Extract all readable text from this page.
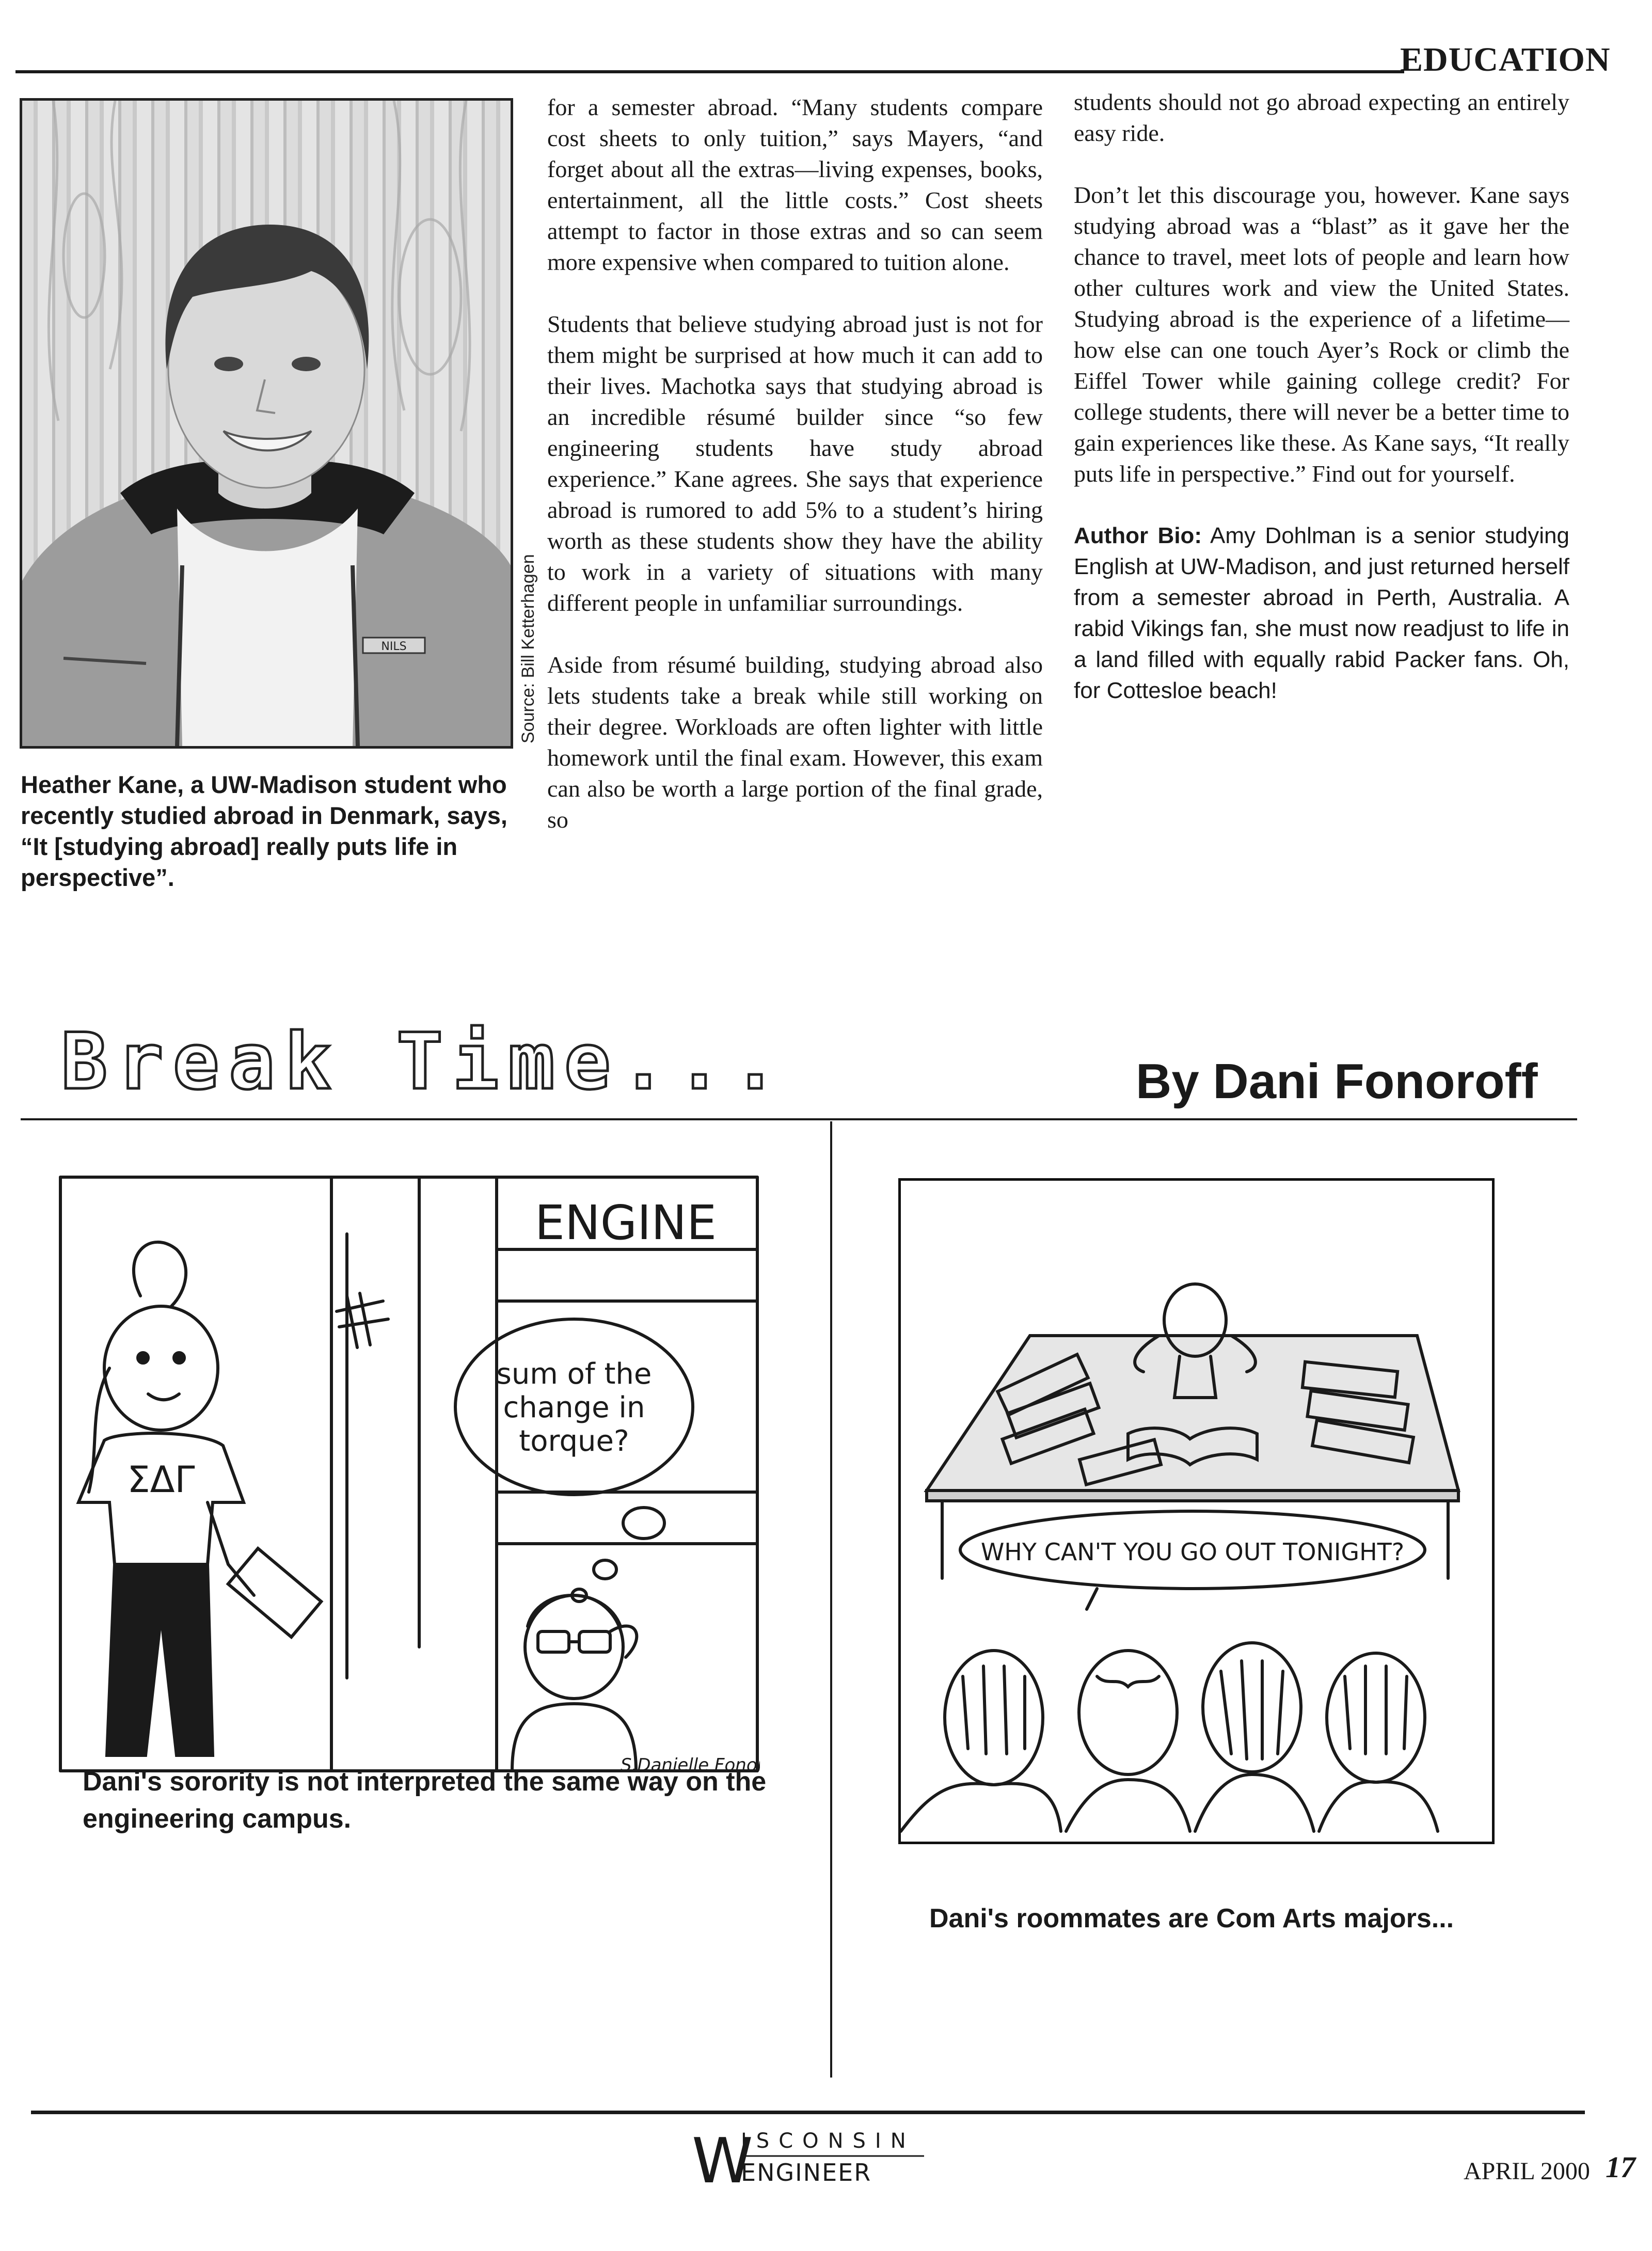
EDUCATION
NILS	Source: Bill Ketterhagen
Heather Kane, a UW-Madison student who recently studied abroad in Denmark, says, “It [studying abroad] really puts life in perspective”.

for a semester abroad. “Many students compare cost sheets to only tuition,” says Mayers, “and forget about all the extras—living expenses, books, entertainment, all the little costs.” Cost sheets attempt to factor in those extras and so can seem more expensive when compared to tuition alone.

Students that believe studying abroad just is not for them might be surprised at how much it can add to their lives. Machotka says that studying abroad is an incredible résumé builder since “so few engineering students have study abroad experience.” Kane agrees. She says that experience abroad is rumored to add 5% to a student’s hiring worth as these students show they have the ability to work in a variety of situations with many different people in unfamiliar surroundings.

Aside from résumé building, studying abroad also lets students take a break while still working on their degree. Workloads are often lighter with little homework until the final exam. However, this exam can also be worth a large portion of the final grade, so

students should not go abroad expecting an entirely easy ride.

Don’t let this discourage you, however. Kane says studying abroad was a “blast” as it gave her the chance to travel, meet lots of people and learn how other cultures work and view the United States. Studying abroad is the experience of a lifetime—how else can one touch Ayer’s Rock or climb the Eiffel Tower while gaining college credit? For college students, there will never be a better time to gain experiences like these. As Kane says, “It really puts life in perspective.” Find out for yourself.

Author Bio: Amy Dohlman is a senior studying English at UW-Madison, and just returned herself from a semester abroad in Perth, Australia. A rabid Vikings fan, she must now readjust to life in a land filled with equally rabid Packer fans. Oh, for Cottesloe beach!

Break Time...	By Dani Fonoroff
ENGINE
ΣΔΓ
sum of the
change in
torque?
S.Danielle Fono
Dani's sorority is not interpreted the same way on the engineering campus.
WHY CAN'T YOU GO OUT TONIGHT?
Dani's roommates are Com Arts majors...
W
ISCONSIN
ENGINEER	APRIL 2000 17
